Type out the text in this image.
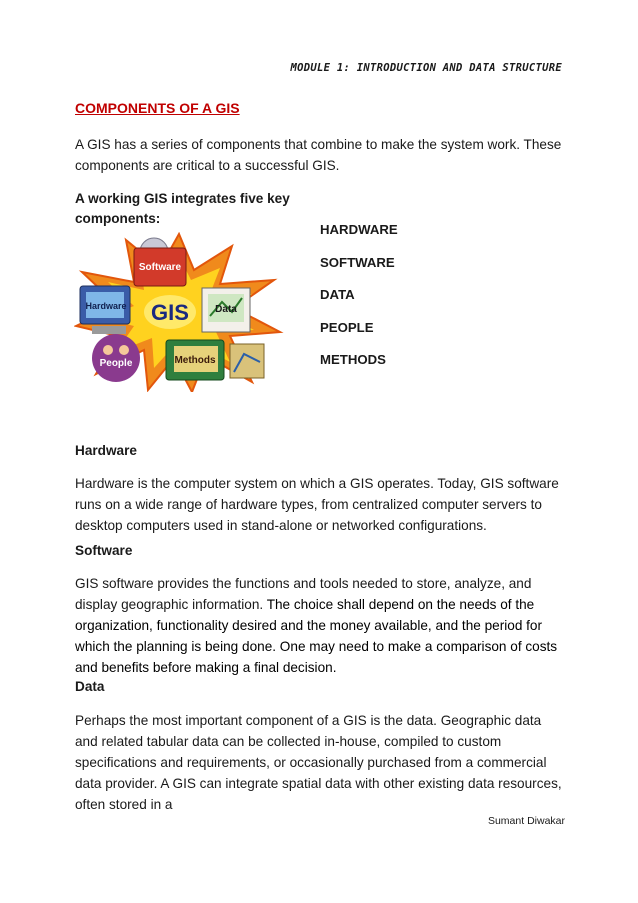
MODULE 1: INTRODUCTION AND DATA STRUCTURE
COMPONENTS OF A GIS

A GIS has a series of components that combine to make the system work. These components are critical to a successful GIS.

A working GIS integrates five key components:
Software
Hardware GIS	Data
People	Methods
HARDWARE
SOFTWARE
DATA
PEOPLE
METHODS
Hardware

Hardware is the computer system on which a GIS operates. Today, GIS software runs on a wide range of hardware types, from centralized computer servers to desktop computers used in stand-alone or networked configurations.

Software

GIS software provides the functions and tools needed to store, analyze, and display geographic information. The choice shall depend on the needs of the organization, functionality desired and the money available, and the period for which the planning is being done. One may need to make a comparison of costs and benefits before making a final decision.

Data

Perhaps the most important component of a GIS is the data. Geographic data and related tabular data can be collected in-house, compiled to custom specifications and requirements, or occasionally purchased from a commercial data provider. A GIS can integrate spatial data with other existing data resources, often stored in a

Sumant Diwakar
